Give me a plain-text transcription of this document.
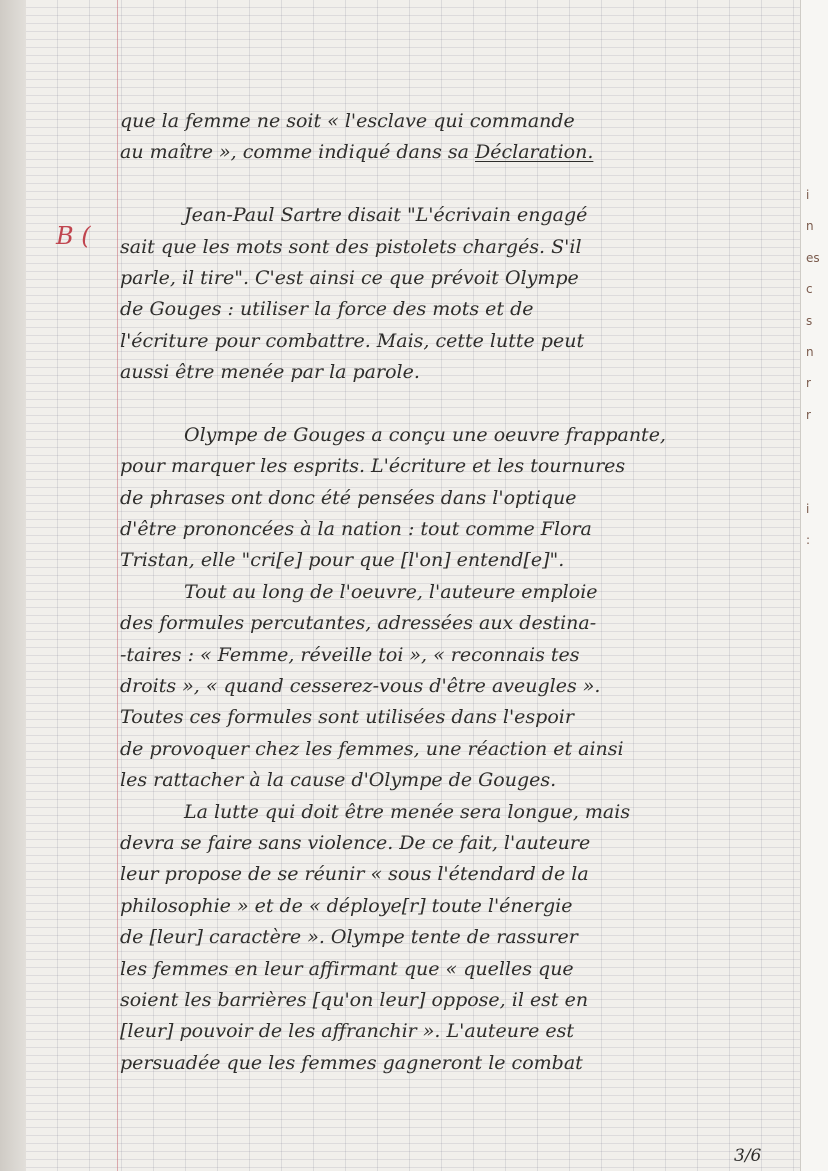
B (
que la femme ne soit « l'esclave qui commande
au maître », comme indiqué dans sa Déclaration.
Jean-Paul Sartre disait "L'écrivain engagé
sait que les mots sont des pistolets chargés. S'il
parle, il tire". C'est ainsi ce que prévoit Olympe
de Gouges : utiliser la force des mots et de
l'écriture pour combattre. Mais, cette lutte peut
aussi être menée par la parole.
Olympe de Gouges a conçu une oeuvre frappante,
pour marquer les esprits. L'écriture et les tournures
de phrases ont donc été pensées dans l'optique
d'être prononcées à la nation : tout comme Flora
Tristan, elle "cri[e] pour que [l'on] entend[e]".
Tout au long de l'oeuvre, l'auteure emploie
des formules percutantes, adressées aux destina-
-taires : « Femme, réveille toi », « reconnais tes
droits », « quand cesserez-vous d'être aveugles ».
Toutes ces formules sont utilisées dans l'espoir
de provoquer chez les femmes, une réaction et ainsi
les rattacher à la cause d'Olympe de Gouges.
La lutte qui doit être menée sera longue, mais
devra se faire sans violence. De ce fait, l'auteure
leur propose de se réunir « sous l'étendard de la
philosophie » et de « déploye[r] toute l'énergie
de [leur] caractère ». Olympe tente de rassurer
les femmes en leur affirmant que « quelles que
soient les barrières [qu'on leur] oppose, il est en
[leur] pouvoir de les affranchir ». L'auteure est
persuadée que les femmes gagneront le combat
i
n
es
c
s
n
r
r
i
:
3/6
